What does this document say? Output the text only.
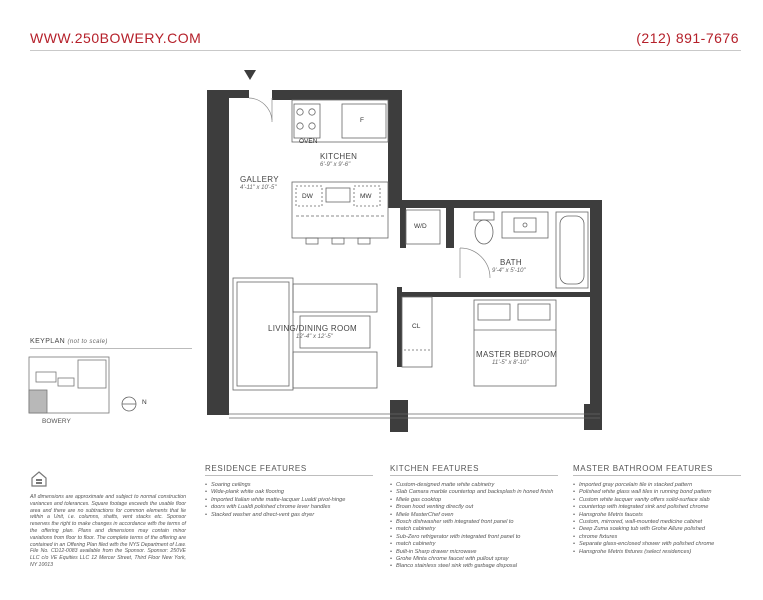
WWW.250BOWERY.COM	(212) 891-7676
OVEN
F
KITCHEN
6'-9" x 9'-6"
GALLERY
4'-11" x 10'-5"
DW	MW
W/D
BATH
9'-4" x 5'-10"
LIVING/DINING ROOM
12'-4" x 12'-5"
CL
MASTER BEDROOM
11'-5" x 8'-10"
KEYPLAN (not to scale)
BOWERY
N
RESIDENCE FEATURES
• Soaring ceilings
• Wide-plank white oak flooring
• Imported Italian white matte-lacquer Lualdi pivot-hinge
• doors with Lualdi polished chrome lever handles
• Stacked washer and direct-vent gas dryer
KITCHEN FEATURES
• Custom-designed matte white cabinetry
• Slab Camara marble countertop and backsplash in honed finish
• Miele gas cooktop
• Broan hood venting directly out
• Miele MasterChef oven
• Bosch dishwasher with integrated front panel to
• match cabinetry
• Sub-Zero refrigerator with integrated front panel to
• match cabinetry
• Built-in Sharp drawer microwave
• Grohe Minta chrome faucet with pullout spray
• Blanco stainless steel sink with garbage disposal
MASTER BATHROOM FEATURES
• Imported gray porcelain tile in stacked pattern
• Polished white glass wall tiles in running bond pattern
• Custom white lacquer vanity offers solid-surface slab
• countertop with integrated sink and polished chrome
• Hansgrohe Metris faucets
• Custom, mirrored, wall-mounted medicine cabinet
• Deep Zuma soaking tub with Grohe Allure polished
• chrome fixtures
• Separate glass-enclosed shower with polished chrome
• Hansgrohe Metris fixtures (select residences)
All dimensions are approximate and subject to normal construction variances and tolerances. Square footage exceeds the usable floor area and there are no subtractions for common elements that lie within a Unit, i.e. columns, shafts, vent stacks etc. Sponsor reserves the right to make changes in accordance with the terms of the offering plan. Plans and dimensions may contain minor variations from floor to floor. The complete terms of the offering are contained in an Offering Plan filed with the NYS Department of Law. File No. CD12-0083 available from the Sponsor. Sponsor: 250VE LLC c/o VE Equities LLC 12 Mercer Street, Third Floor New York, NY 10013
